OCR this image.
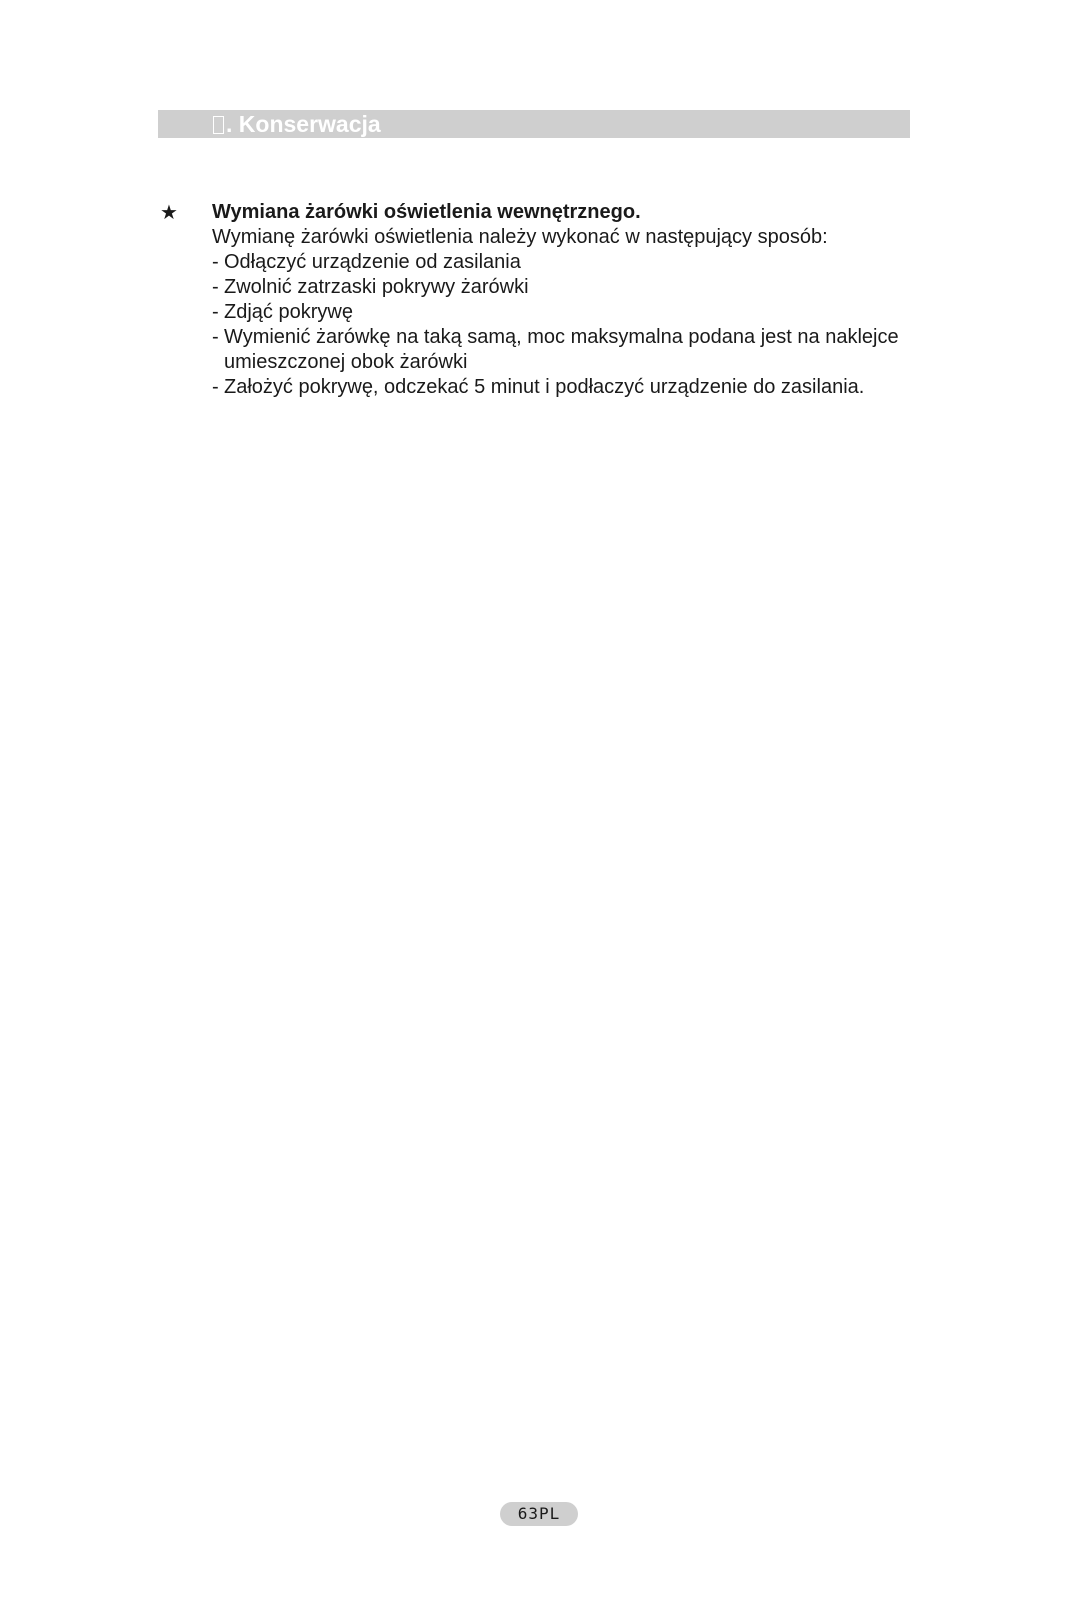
. Konserwacja
★ Wymiana żarówki oświetlenia wewnętrznego.
Wymianę żarówki oświetlenia należy wykonać w następujący sposób:
- Odłączyć urządzenie od zasilania
- Zwolnić zatrzaski pokrywy żarówki
- Zdjąć pokrywę
- Wymienić żarówkę na taką samą, moc maksymalna podana jest na naklejce umieszczonej obok żarówki
- Założyć pokrywę, odczekać 5 minut i podłaczyć urządzenie do zasilania.
63PL
